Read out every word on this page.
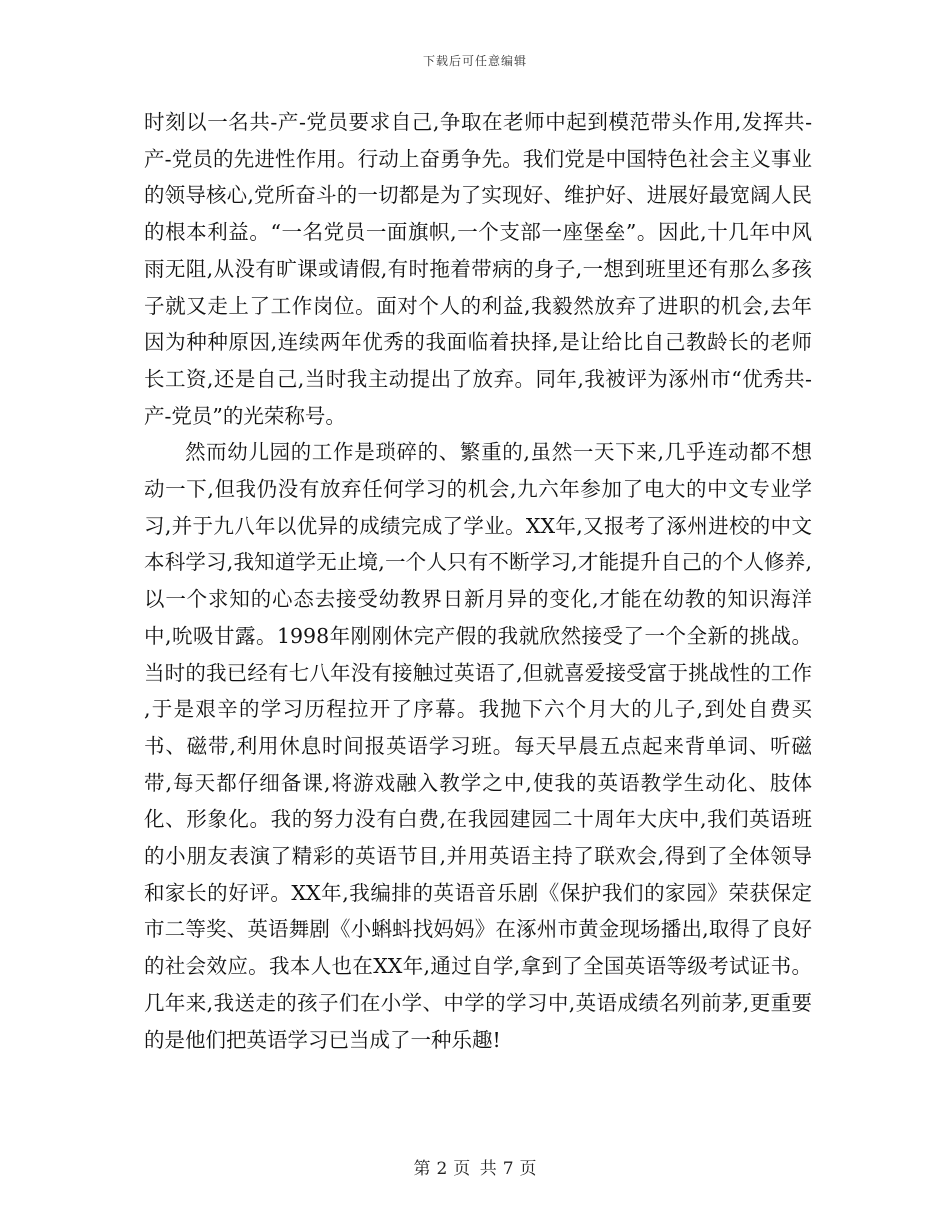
下载后可任意编辑

时刻以一名共-产-党员要求自己,争取在老师中起到模范带头作用,发挥共-产-党员的先进性作用。行动上奋勇争先。我们党是中国特色社会主义事业的领导核心,党所奋斗的一切都是为了实现好、维护好、进展好最宽阔人民的根本利益。“一名党员一面旗帜,一个支部一座堡垒”。因此,十几年中风雨无阻,从没有旷课或请假,有时拖着带病的身子,一想到班里还有那么多孩子就又走上了工作岗位。面对个人的利益,我毅然放弃了进职的机会,去年因为种种原因,连续两年优秀的我面临着抉择,是让给比自己教龄长的老师长工资,还是自己,当时我主动提出了放弃。同年,我被评为涿州市“优秀共-产-党员”的光荣称号。

然而幼儿园的工作是琐碎的、繁重的,虽然一天下来,几乎连动都不想动一下,但我仍没有放弃任何学习的机会,九六年参加了电大的中文专业学习,并于九八年以优异的成绩完成了学业。XX年,又报考了涿州进校的中文本科学习,我知道学无止境,一个人只有不断学习,才能提升自己的个人修养,以一个求知的心态去接受幼教界日新月异的变化,才能在幼教的知识海洋中,吮吸甘露。1998年刚刚休完产假的我就欣然接受了一个全新的挑战。当时的我已经有七八年没有接触过英语了,但就喜爱接受富于挑战性的工作 ,于是艰辛的学习历程拉开了序幕。我抛下六个月大的儿子,到处自费买书、磁带,利用休息时间报英语学习班。每天早晨五点起来背单词、听磁带,每天都仔细备课,将游戏融入教学之中,使我的英语教学生动化、肢体化、形象化。我的努力没有白费,在我园建园二十周年大庆中,我们英语班的小朋友表演了精彩的英语节目,并用英语主持了联欢会,得到了全体领导和家长的好评。XX年,我编排的英语音乐剧《保护我们的家园》荣获保定市二等奖、英语舞剧《小蝌蚪找妈妈》在涿州市黄金现场播出,取得了良好的社会效应。我本人也在XX年,通过自学,拿到了全国英语等级考试证书。几年来,我送走的孩子们在小学、中学的学习中,英语成绩名列前茅,更重要的是他们把英语学习已当成了一种乐趣!

第 2 页 共 7 页
